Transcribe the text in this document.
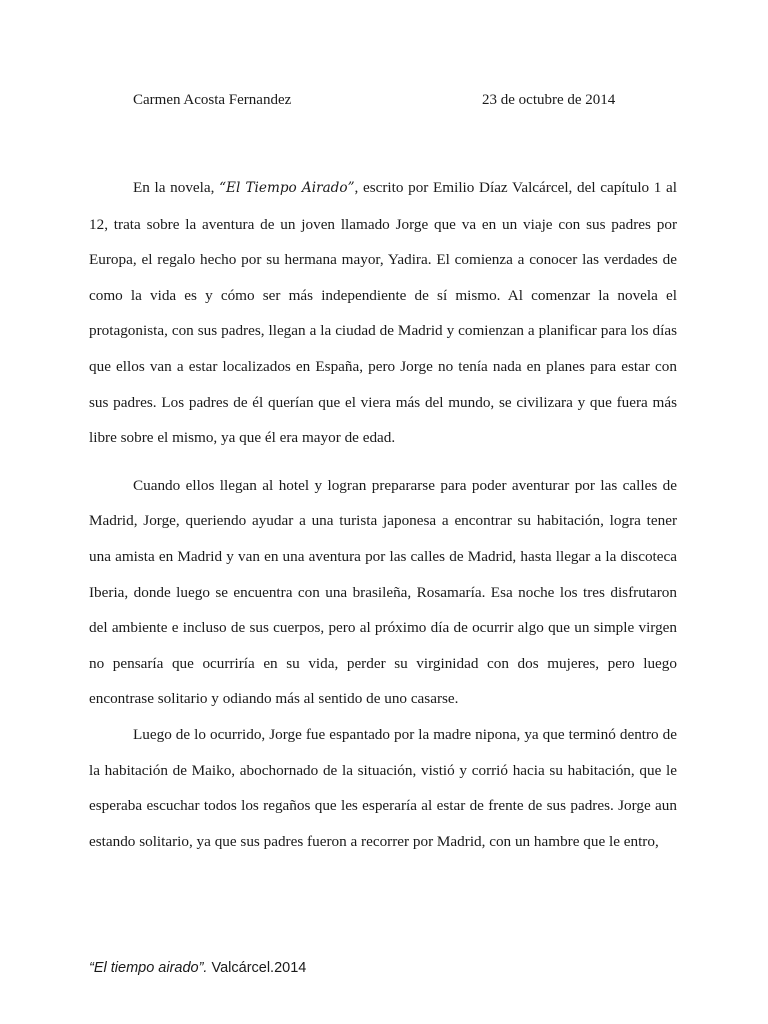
Carmen Acosta Fernandez	23 de octubre de 2014

En la novela, “El Tiempo Airado”, escrito por Emilio Díaz Valcárcel, del capítulo 1 al 12, trata sobre la aventura de un joven llamado Jorge que va en un viaje con sus padres por Europa, el regalo hecho por su hermana mayor, Yadira. El comienza a conocer las verdades de como la vida es y cómo ser más independiente de sí mismo. Al comenzar la novela el protagonista, con sus padres, llegan a la ciudad de Madrid y comienzan a planificar para los días que ellos van a estar localizados en España, pero Jorge no tenía nada en planes para estar con sus padres. Los padres de él querían que el viera más del mundo, se civilizara y que fuera más libre sobre el mismo, ya que él era mayor de edad.

Cuando ellos llegan al hotel y logran prepararse para poder aventurar por las calles de Madrid, Jorge, queriendo ayudar a una turista japonesa a encontrar su habitación, logra tener una amista en Madrid y van en una aventura por las calles de Madrid, hasta llegar a la discoteca Iberia, donde luego se encuentra con una brasileña, Rosamaría. Esa noche los tres disfrutaron del ambiente e incluso de sus cuerpos, pero al próximo día de ocurrir algo que un simple virgen no pensaría que ocurriría en su vida, perder su virginidad con dos mujeres, pero luego encontrase solitario y odiando más al sentido de uno casarse.

Luego de lo ocurrido, Jorge fue espantado por la madre nipona, ya que terminó dentro de la habitación de Maiko, abochornado de la situación, vistió y corrió hacia su habitación, que le esperaba escuchar todos los regaños que les esperaría al estar de frente de sus padres. Jorge aun estando solitario, ya que sus padres fueron a recorrer por Madrid, con un hambre que le entro,

“El tiempo airado”. Valcárcel.2014
